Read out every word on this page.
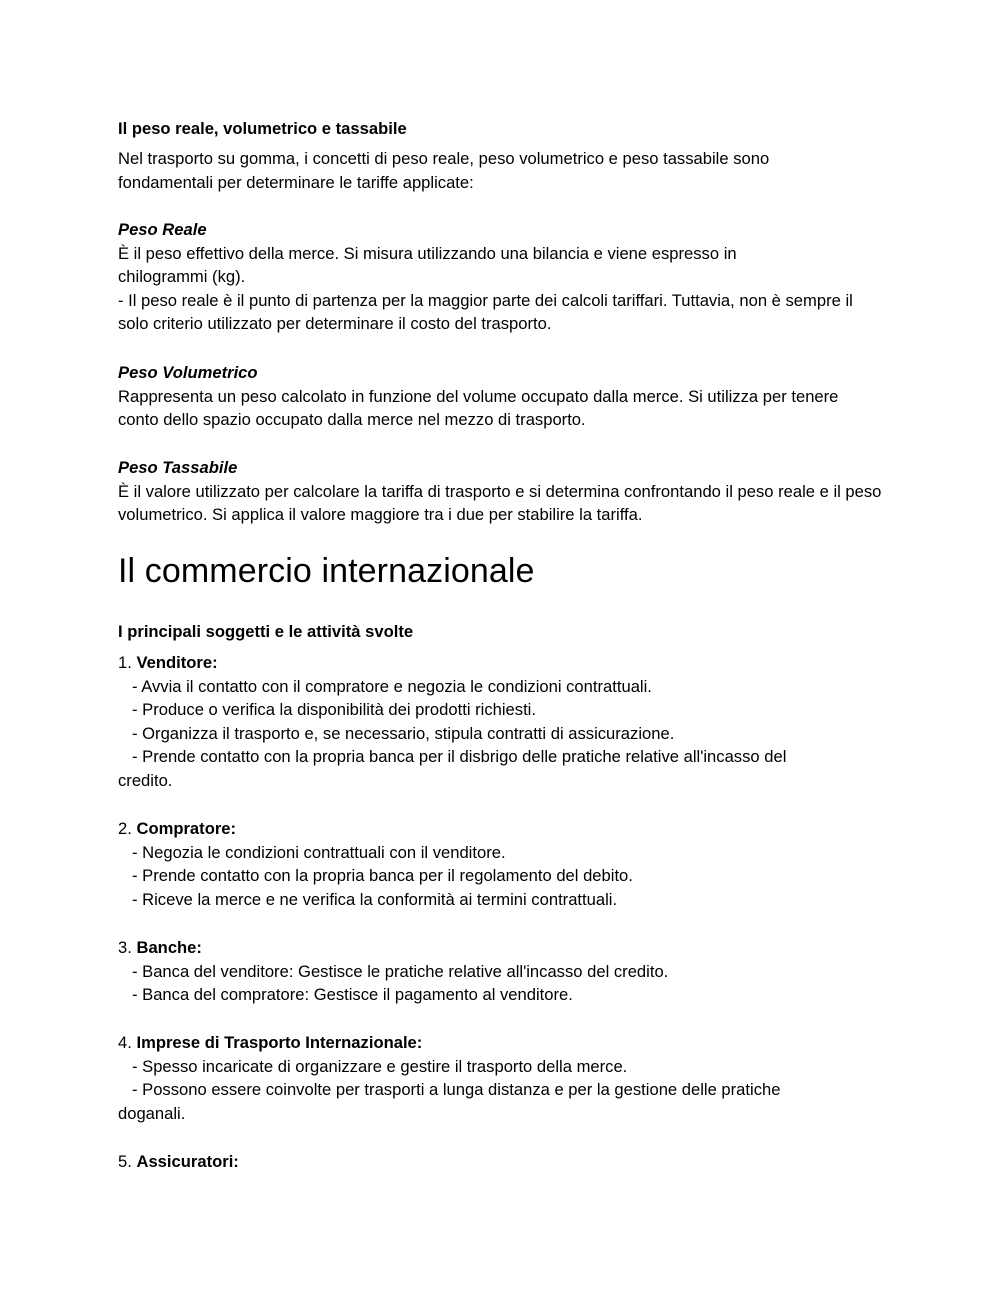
Il peso reale, volumetrico e tassabile

Nel trasporto su gomma, i concetti di peso reale, peso volumetrico e peso tassabile sono fondamentali per determinare le tariffe applicate:

Peso Reale

È il peso effettivo della merce. Si misura utilizzando una bilancia e viene espresso in chilogrammi (kg).

- Il peso reale è il punto di partenza per la maggior parte dei calcoli tariffari. Tuttavia, non è sempre il solo criterio utilizzato per determinare il costo del trasporto.

Peso Volumetrico

Rappresenta un peso calcolato in funzione del volume occupato dalla merce. Si utilizza per tenere conto dello spazio occupato dalla merce nel mezzo di trasporto.

Peso Tassabile

È il valore utilizzato per calcolare la tariffa di trasporto e si determina confrontando il peso reale e il peso volumetrico. Si applica il valore maggiore tra i due per stabilire la tariffa.

Il commercio internazionale
I principali soggetti e le attività svolte

1. Venditore:

- Avvia il contatto con il compratore e negozia le condizioni contrattuali.

- Produce o verifica la disponibilità dei prodotti richiesti.

- Organizza il trasporto e, se necessario, stipula contratti di assicurazione.

- Prende contatto con la propria banca per il disbrigo delle pratiche relative all'incasso del

credito.

2. Compratore:

- Negozia le condizioni contrattuali con il venditore.

- Prende contatto con la propria banca per il regolamento del debito.

- Riceve la merce e ne verifica la conformità ai termini contrattuali.

3. Banche:

- Banca del venditore: Gestisce le pratiche relative all'incasso del credito.

- Banca del compratore: Gestisce il pagamento al venditore.

4. Imprese di Trasporto Internazionale:

- Spesso incaricate di organizzare e gestire il trasporto della merce.

- Possono essere coinvolte per trasporti a lunga distanza e per la gestione delle pratiche

doganali.

5. Assicuratori:
